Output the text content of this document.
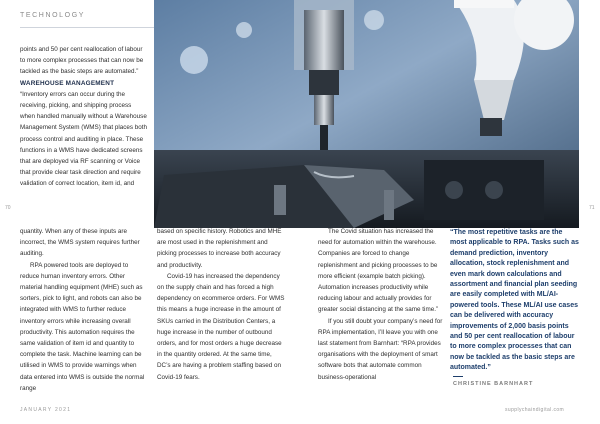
TECHNOLOGY
70	71

points and 50 per cent reallocation of labour to more complex processes that can now be tackled as the basic steps are automated.”

WAREHOUSE MANAGEMENT

“Inventory errors can occur during the receiving, picking, and shipping process when handled manually without a Warehouse Management System (WMS) that places both process control and auditing in place. These functions in a WMS have dedicated screens that are deployed via RF scanning or Voice that provide clear task direction and require validation of correct location, item id, and

quantity. When any of these inputs are incorrect, the WMS system requires further auditing.

RPA powered tools are deployed to reduce human inventory errors. Other material handling equipment (MHE) such as sorters, pick to light, and robots can also be integrated with WMS to further reduce inventory errors while increasing overall productivity. This automation requires the same validation of item id and quantity to complete the task. Machine learning can be utilised in WMS to provide warnings when data entered into WMS is outside the normal range

based on specific history. Robotics and MHE are most used in the replenishment and picking processes to increase both accuracy and productivity.

Covid-19 has increased the dependency on the supply chain and has forced a high dependency on ecommerce orders. For WMS this means a huge increase in the amount of SKUs carried in the Distribution Centers, a huge increase in the number of outbound orders, and for most orders a huge decrease in the quantity ordered. At the same time, DC’s are having a problem staffing based on Covid-19 fears.

The Covid situation has increased the need for automation within the warehouse. Companies are forced to change replenishment and picking processes to be more efficient (example batch picking). Automation increases productivity while reducing labour and actually provides for greater social distancing at the same time.”

If you still doubt your company’s need for RPA implementation, I’ll leave you with one last statement from Barnhart: “RPA provides organisations with the deployment of smart software bots that automate common business-operational

“The most repetitive tasks are the most applicable to RPA. Tasks such as demand prediction, inventory allocation, stock replenishment and even mark down calculations and assortment and financial plan seeding are easily completed with ML/AI-powered tools. These ML/AI use cases can be delivered with accuracy improvements of 2,000 basis points and 50 per cent reallocation of labour to more complex processes that can now be tackled as the basic steps are automated.”
CHRISTINE BARNHART
JANUARY 2021	supplychaindigital.com
